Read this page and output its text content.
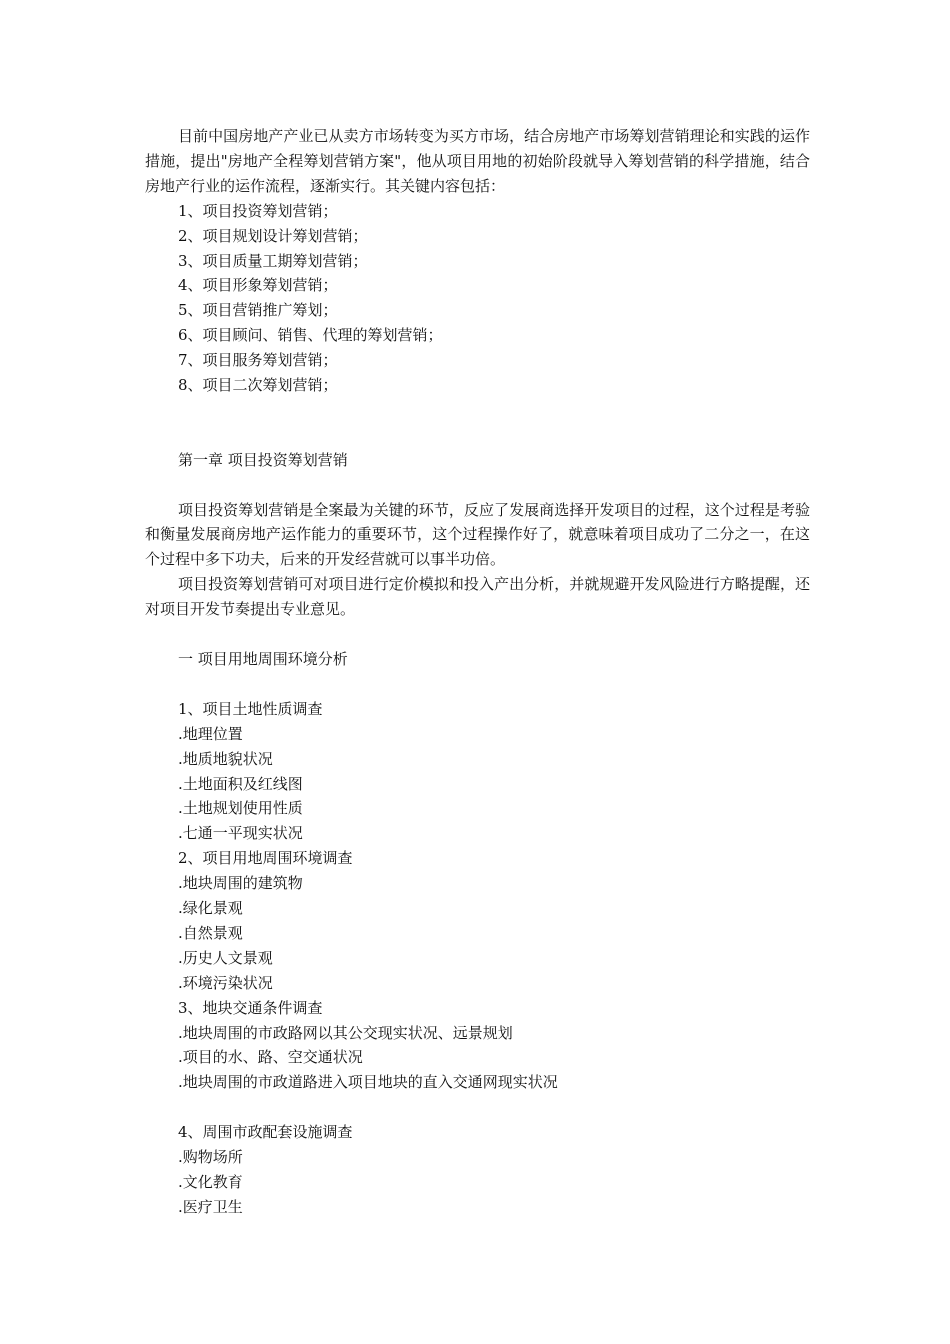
目前中国房地产产业已从卖方市场转变为买方市场，结合房地产市场筹划营销理论和实践的运作措施，提出"房地产全程筹划营销方案"，他从项目用地的初始阶段就导入筹划营销的科学措施，结合房地产行业的运作流程，逐渐实行。其关键内容包括：

1、项目投资筹划营销；
2、项目规划设计筹划营销；
3、项目质量工期筹划营销；
4、项目形象筹划营销；
5、项目营销推广筹划；
6、项目顾问、销售、代理的筹划营销；
7、项目服务筹划营销；
8、项目二次筹划营销；
第一章 项目投资筹划营销

项目投资筹划营销是全案最为关键的环节，反应了发展商选择开发项目的过程，这个过程是考验和衡量发展商房地产运作能力的重要环节，这个过程操作好了，就意味着项目成功了二分之一，在这个过程中多下功夫，后来的开发经营就可以事半功倍。

项目投资筹划营销可对项目进行定价模拟和投入产出分析，并就规避开发风险进行方略提醒，还对项目开发节奏提出专业意见。

一 项目用地周围环境分析
1、项目土地性质调查
.地理位置
.地质地貌状况
.土地面积及红线图
.土地规划使用性质
.七通一平现实状况
2、项目用地周围环境调查
.地块周围的建筑物
.绿化景观
.自然景观
.历史人文景观
.环境污染状况
3、地块交通条件调查
.地块周围的市政路网以其公交现实状况、远景规划
.项目的水、路、空交通状况
.地块周围的市政道路进入项目地块的直入交通网现实状况
4、周围市政配套设施调查
.购物场所
.文化教育
.医疗卫生
